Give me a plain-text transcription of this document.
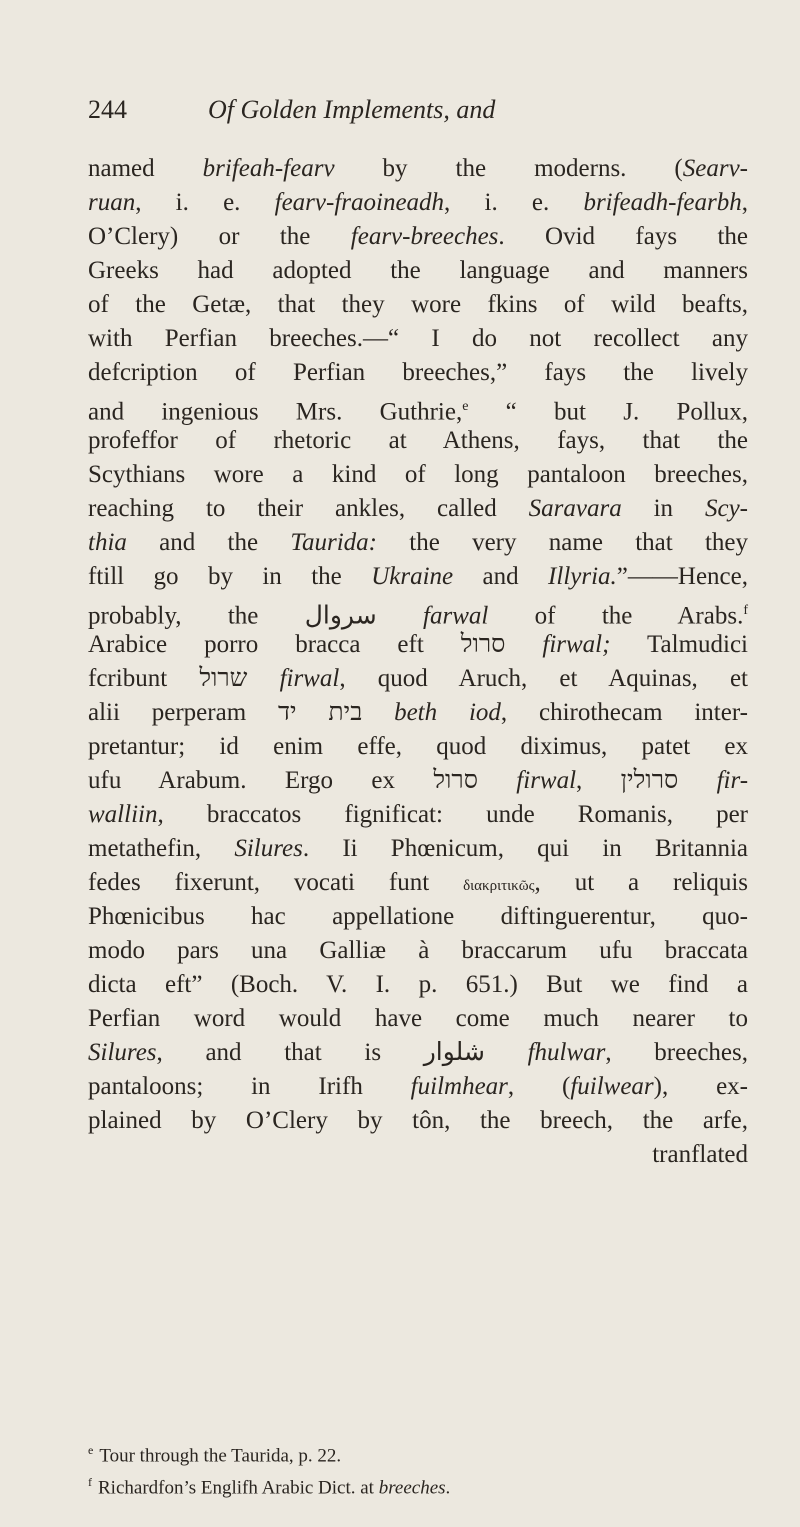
244	Of Golden Implements, and
named brifeah-fearv by the moderns. (Searv-
ruan, i. e. fearv-fraoineadh, i. e. brifeadh-fearbh,
O’Clery) or the fearv-breeches. Ovid fays the
Greeks had adopted the language and manners
of the Getæ, that they wore fkins of wild beafts,
with Perfian breeches.—“ I do not recollect any
defcription of Perfian breeches,” fays the lively
and ingenious Mrs. Guthrie,$^e$ “ but J. Pollux,
profeffor of rhetoric at Athens, fays, that the
Scythians wore a kind of long pantaloon breeches,
reaching to their ankles, called Saravara in Scy-
thia and the Taurida: the very name that they
ftill go by in the Ukraine and Illyria.”——Hence,
probably, the سروال farwal of the Arabs.$^f$
Arabice porro bracca eft סרול firwal; Talmudici
fcribunt שרול firwal, quod Aruch, et Aquinas, et
alii perperam בית יד beth iod, chirothecam inter-
pretantur; id enim effe, quod diximus, patet ex
ufu Arabum. Ergo ex סרול firwal, סרולין fir-
walliin, braccatos fignificat: unde Romanis, per
metathefin, Silures. Ii Phœnicum, qui in Britannia
fedes fixerunt, vocati funt διακριτικῶς, ut a reliquis
Phœnicibus hac appellatione diftinguerentur, quo-
modo pars una Galliæ à braccarum ufu braccata
dicta eft” (Boch. V. I. p. 651.) But we find a
Perfian word would have come much nearer to
Silures, and that is شلوار fhulwar, breeches,
pantaloons; in Irifh fuilmhear, (fuilwear), ex-
plained by O’Clery by tôn, the breech, the arfe,
tranflated
$^e$ Tour through the Taurida, p. 22.
$^f$ Richardfon’s Englifh Arabic Dict. at breeches.
